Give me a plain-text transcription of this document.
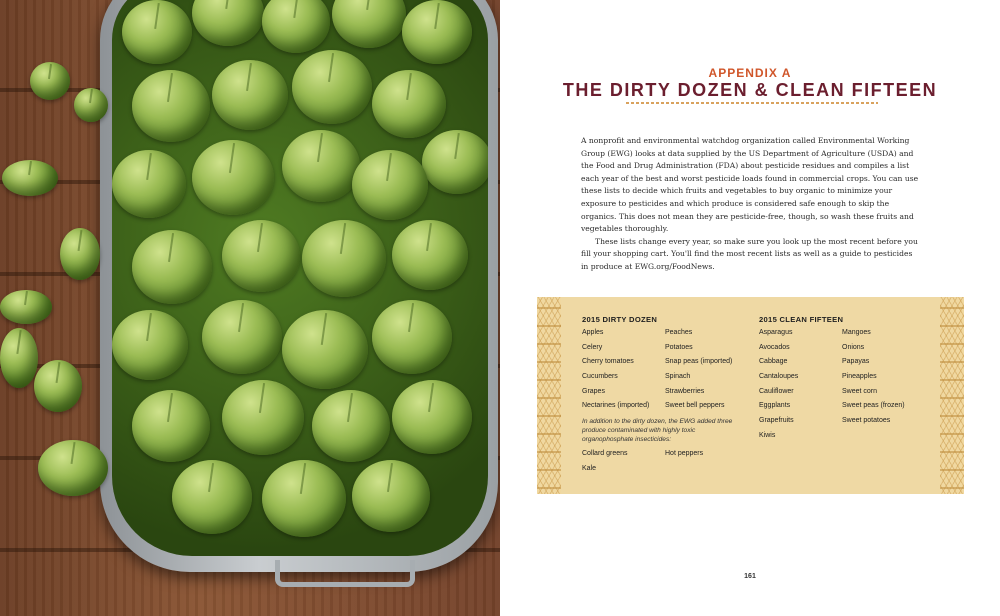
APPENDIX A
THE DIRTY DOZEN & CLEAN FIFTEEN

A nonprofit and environmental watchdog organization called Environmental Working Group (EWG) looks at data supplied by the US Department of Agriculture (USDA) and the Food and Drug Administration (FDA) about pesticide residues and compiles a list each year of the best and worst pesticide loads found in commercial crops. You can use these lists to decide which fruits and vegetables to buy organic to minimize your exposure to pesticides and which produce is considered safe enough to skip the organics. This does not mean they are pesticide-free, though, so wash these fruits and vegetables thoroughly.

These lists change every year, so make sure you look up the most recent before you fill your shopping cart. You'll find the most recent lists as well as a guide to pesticides in produce at EWG.org/FoodNews.

2015 DIRTY DOZEN
Apples
Celery
Cherry tomatoes
Cucumbers
Grapes
Nectarines (imported)
Peaches
Potatoes
Snap peas (imported)
Spinach
Strawberries
Sweet bell peppers
In addition to the dirty dozen, the EWG added three produce contaminated with highly toxic organophosphate insecticides:
Collard greens
Kale
Hot peppers
2015 CLEAN FIFTEEN
Asparagus
Avocados
Cabbage
Cantaloupes
Cauliflower
Eggplants
Grapefruits
Kiwis
Mangoes
Onions
Papayas
Pineapples
Sweet corn
Sweet peas (frozen)
Sweet potatoes
161
